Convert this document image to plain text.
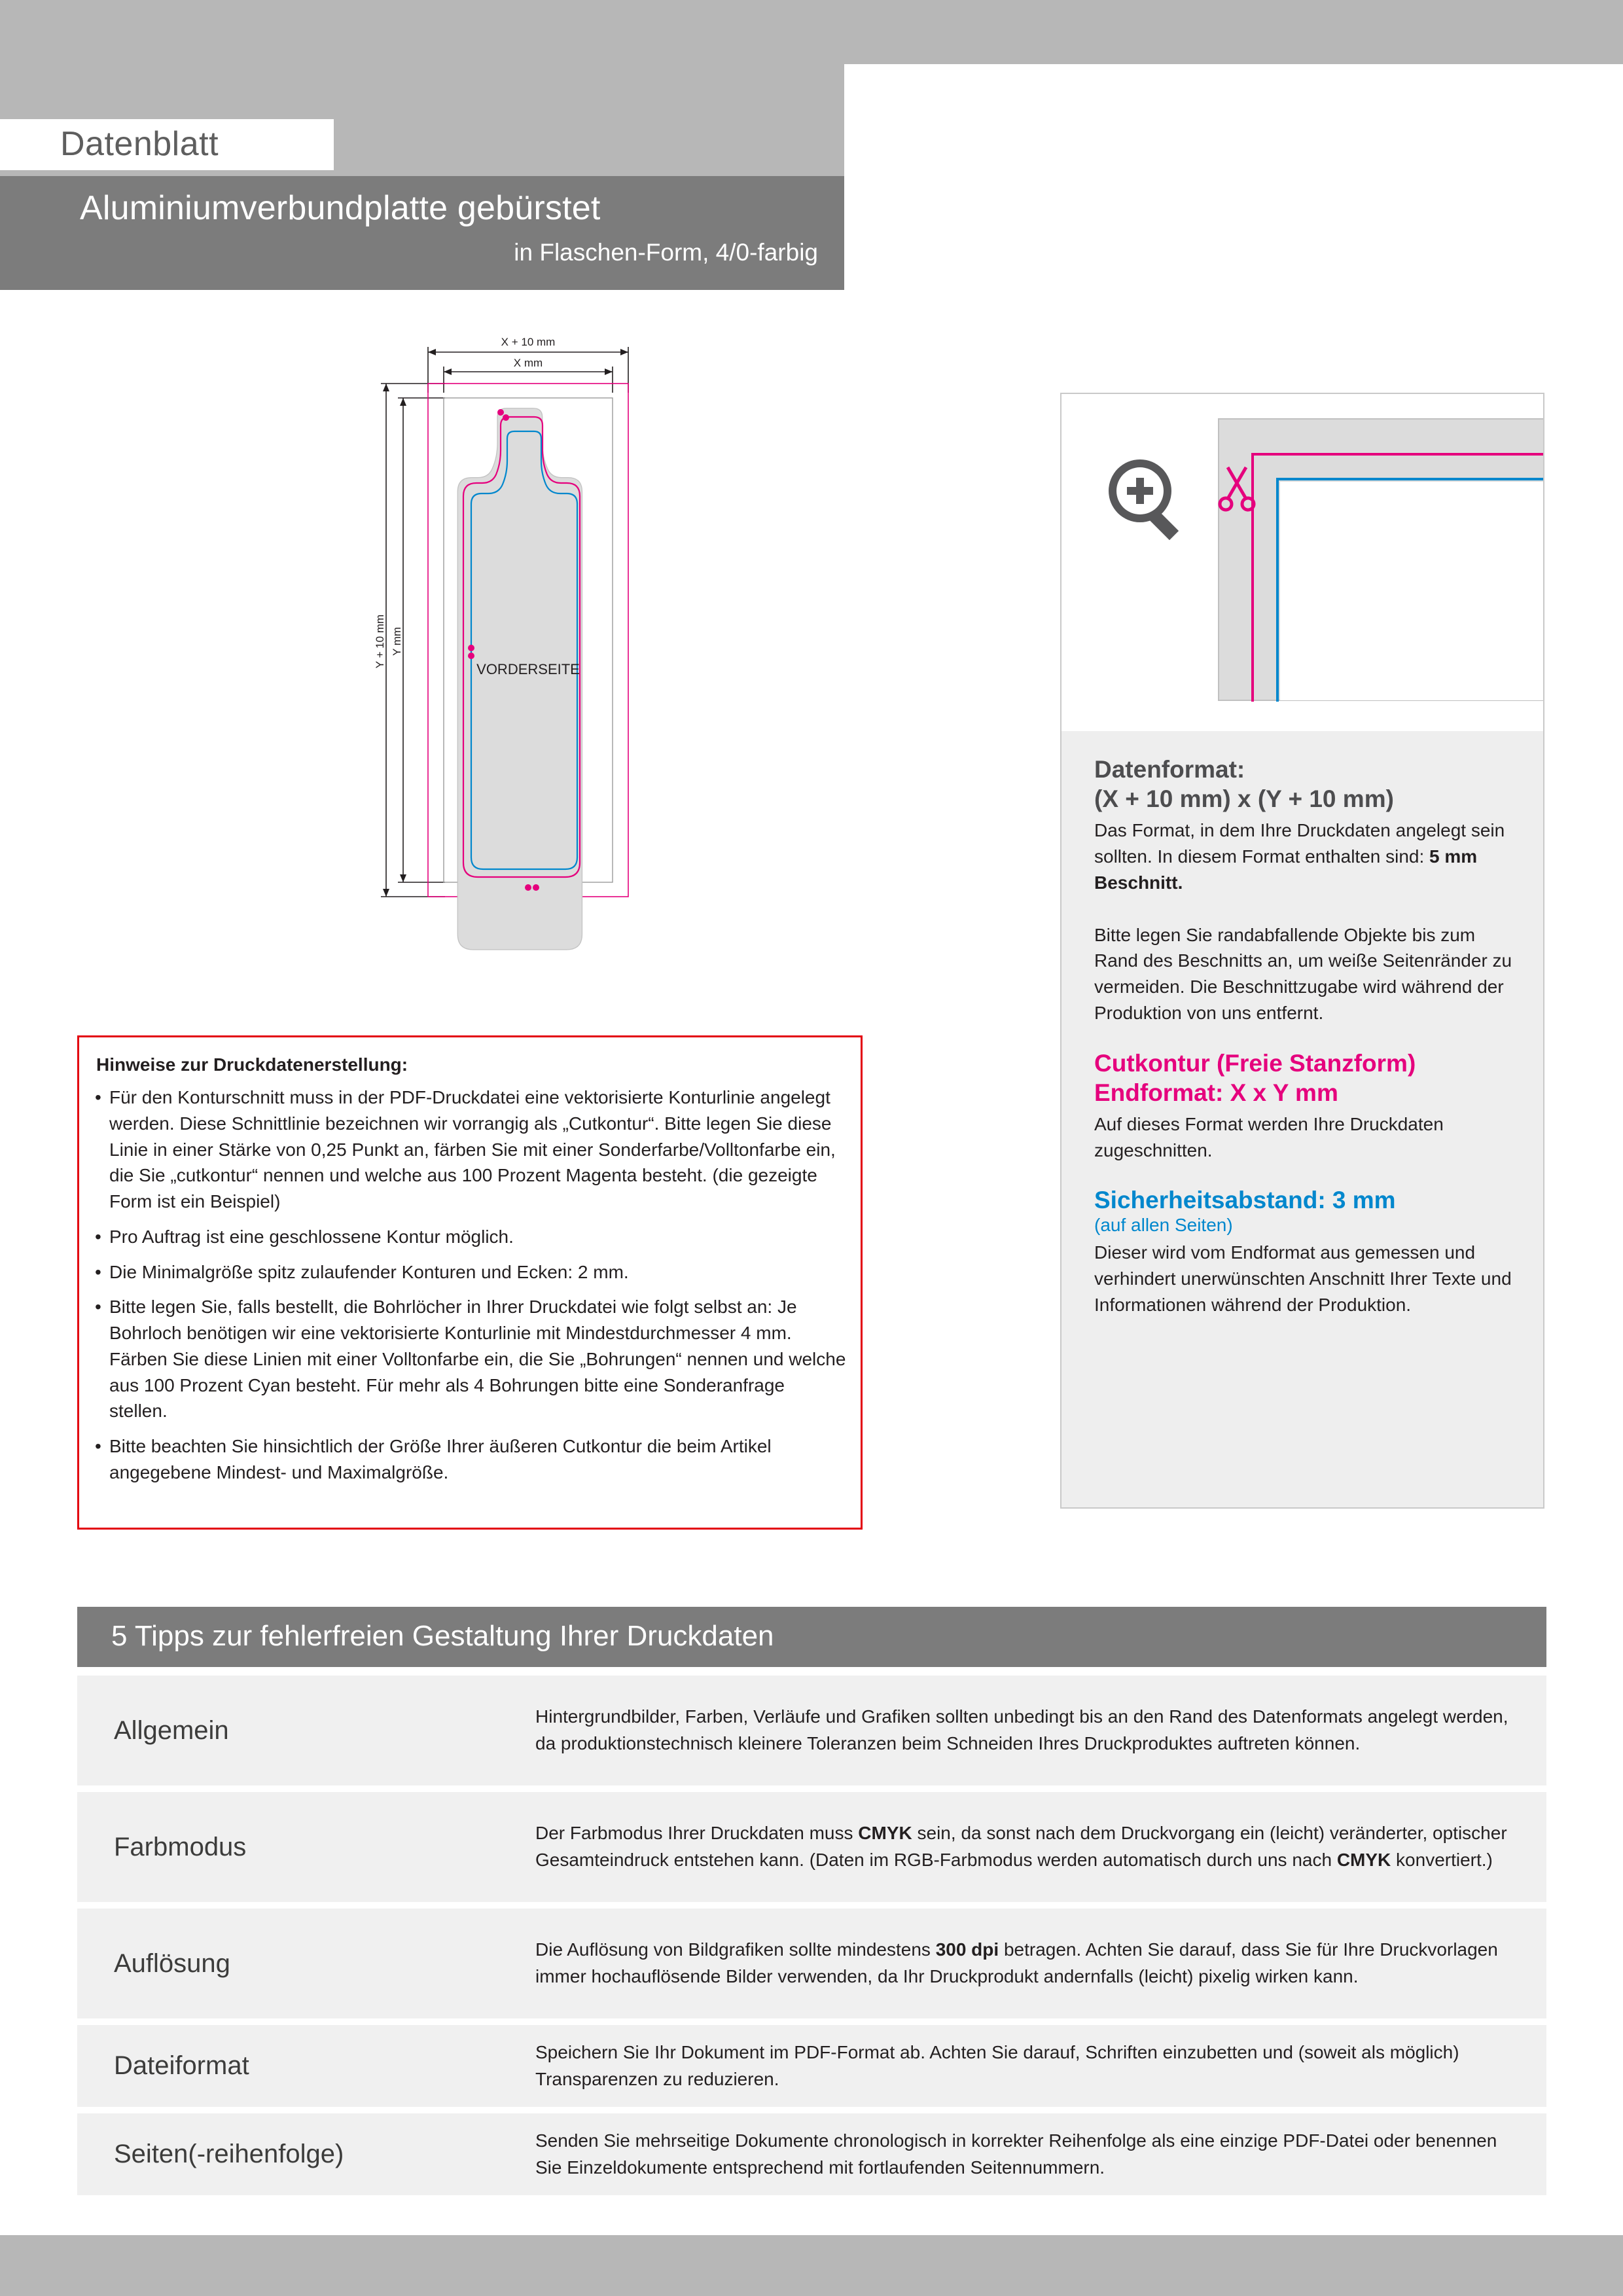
Datenblatt
Aluminiumverbundplatte gebürstet
in Flaschen-Form, 4/0-farbig
X + 10 mm
X mm
Y + 10 mm Y mm
VORDERSEITE
Hinweise zur Druckdatenerstellung:
• Für den Konturschnitt muss in der PDF-Druckdatei eine vektorisierte Konturlinie angelegt werden. Diese Schnittlinie bezeichnen wir vorrangig als „Cutkontur“. Bitte legen Sie diese Linie in einer Stärke von 0,25 Punkt an, färben Sie mit einer Sonderfarbe/Volltonfarbe ein, die Sie „cutkontur“ nennen und welche aus 100 Prozent Magenta besteht. (die gezeigte Form ist ein Beispiel)
• Pro Auftrag ist eine geschlossene Kontur möglich.
• Die Minimalgröße spitz zulaufender Konturen und Ecken: 2 mm.
• Bitte legen Sie, falls bestellt, die Bohrlöcher in Ihrer Druckdatei wie folgt selbst an: Je Bohrloch benötigen wir eine vektorisierte Konturlinie mit Mindestdurchmesser 4 mm. Färben Sie diese Linien mit einer Volltonfarbe ein, die Sie „Bohrungen“ nennen und welche aus 100 Prozent Cyan besteht. Für mehr als 4 Bohrungen bitte eine Sonderanfrage stellen.
• Bitte beachten Sie hinsichtlich der Größe Ihrer äußeren Cutkontur die beim Artikel angegebene Mindest- und Maximalgröße.
Datenformat:
(X + 10 mm) x (Y + 10 mm)
Das Format, in dem Ihre Druckdaten angelegt sein sollten. In diesem Format enthalten sind: 5 mm Beschnitt.
Bitte legen Sie randabfallende Objekte bis zum Rand des Beschnitts an, um weiße Seitenränder zu vermeiden. Die Beschnittzugabe wird während der Produktion von uns entfernt.
Cutkontur (Freie Stanzform)
Endformat: X x Y mm
Auf dieses Format werden Ihre Druckdaten zugeschnitten.
Sicherheitsabstand: 3 mm
(auf allen Seiten)
Dieser wird vom Endformat aus gemessen und verhindert unerwünschten Anschnitt Ihrer Texte und Informationen während der Produktion.
5 Tipps zur fehlerfreien Gestaltung Ihrer Druckdaten
Allgemein	Hintergrundbilder, Farben, Verläufe und Grafiken sollten unbedingt bis an den Rand des Datenformats angelegt werden, da produktionstechnisch kleinere Toleranzen beim Schneiden Ihres Druckproduktes auftreten können.
Farbmodus	Der Farbmodus Ihrer Druckdaten muss CMYK sein, da sonst nach dem Druckvorgang ein (leicht) veränderter, optischer Gesamteindruck entstehen kann. (Daten im RGB-Farbmodus werden automatisch durch uns nach CMYK konvertiert.)
Auflösung	Die Auflösung von Bildgrafiken sollte mindestens 300 dpi betragen. Achten Sie darauf, dass Sie für Ihre Druckvorlagen immer hochauflösende Bilder verwenden, da Ihr Druckprodukt andernfalls (leicht) pixelig wirken kann.
Dateiformat	Speichern Sie Ihr Dokument im PDF-Format ab. Achten Sie darauf, Schriften einzubetten und (soweit als möglich) Transparenzen zu reduzieren.
Seiten(-reihenfolge)	Senden Sie mehrseitige Dokumente chronologisch in korrekter Reihenfolge als eine einzige PDF-Datei oder benennen Sie Einzeldokumente entsprechend mit fortlaufenden Seitennummern.
